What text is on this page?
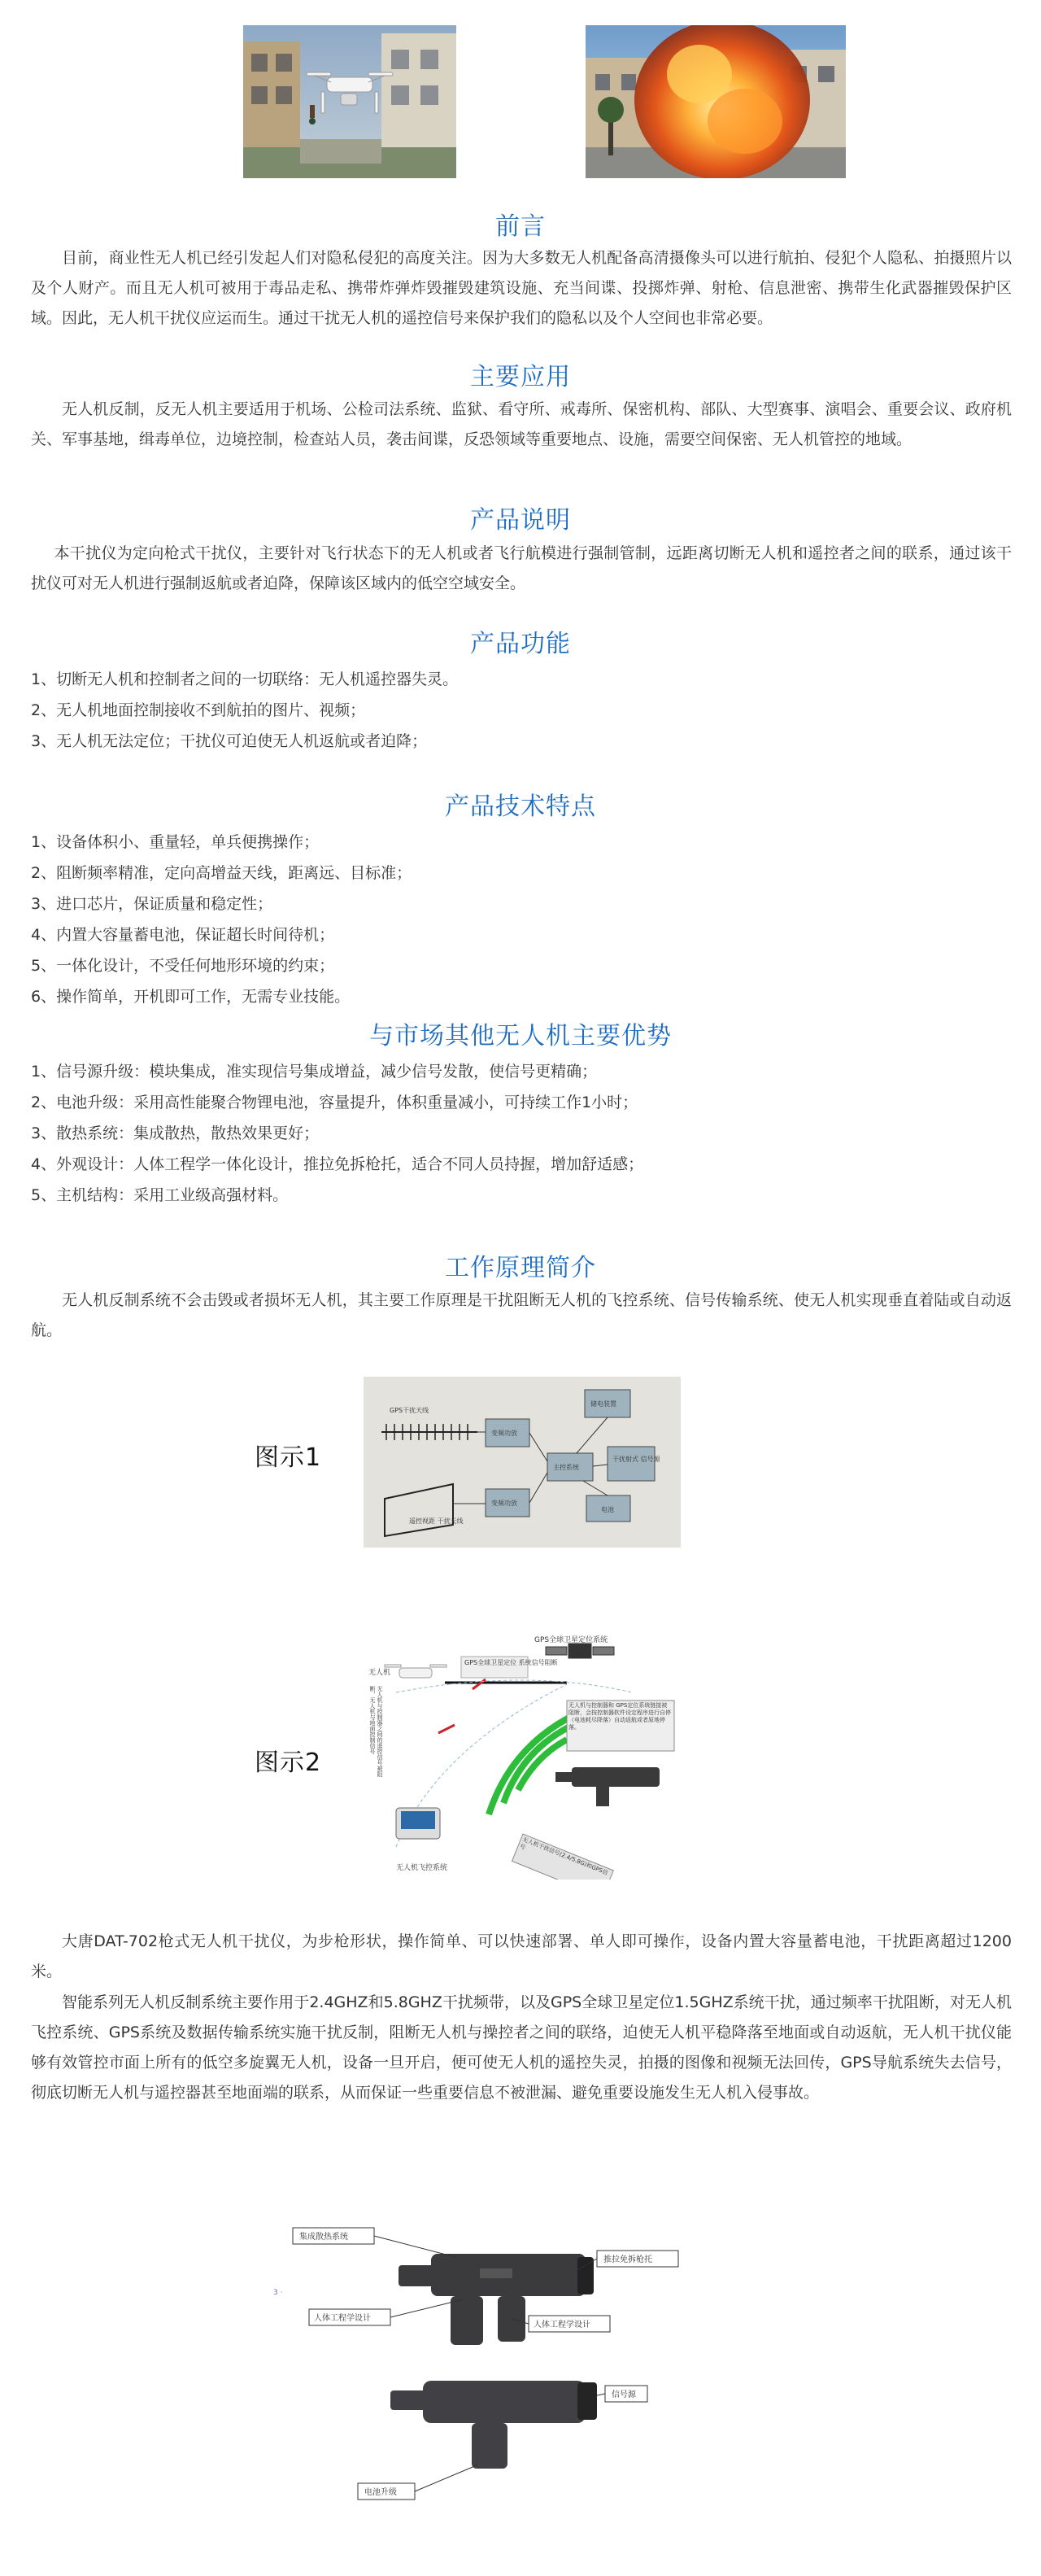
前言

目前，商业性无人机已经引发起人们对隐私侵犯的高度关注。因为大多数无人机配备高清摄像头可以进行航拍、侵犯个人隐私、拍摄照片以及个人财产。而且无人机可被用于毒品走私、携带炸弹炸毁摧毁建筑设施、充当间谍、投掷炸弹、射枪、信息泄密、携带生化武器摧毁保护区域。因此，无人机干扰仪应运而生。通过干扰无人机的遥控信号来保护我们的隐私以及个人空间也非常必要。

主要应用

无人机反制，反无人机主要适用于机场、公检司法系统、监狱、看守所、戒毒所、保密机构、部队、大型赛事、演唱会、重要会议、政府机关、军事基地，缉毒单位，边境控制，检查站人员，袭击间谍，反恐领域等重要地点、设施，需要空间保密、无人机管控的地域。

产品说明

本干扰仪为定向枪式干扰仪，主要针对飞行状态下的无人机或者飞行航模进行强制管制，远距离切断无人机和遥控者之间的联系，通过该干扰仪可对无人机进行强制返航或者迫降，保障该区域内的低空空域安全。

产品功能
1、切断无人机和控制者之间的一切联络：无人机遥控器失灵。
2、无人机地面控制接收不到航拍的图片、视频；
3、无人机无法定位；干扰仪可迫使无人机返航或者迫降；
产品技术特点
1、设备体积小、重量轻，单兵便携操作；
2、阻断频率精准，定向高增益天线，距离远、目标准；
3、进口芯片，保证质量和稳定性；
4、内置大容量蓄电池，保证超长时间待机；
5、一体化设计，不受任何地形环境的约束；
6、操作简单，开机即可工作，无需专业技能。
与市场其他无人机主要优势
1、信号源升级：模块集成，准实现信号集成增益，减少信号发散，使信号更精确；
2、电池升级：采用高性能聚合物锂电池，容量提升，体积重量减小，可持续工作1小时；
3、散热系统：集成散热，散热效果更好；
4、外观设计：人体工程学一体化设计，推拉免拆枪托，适合不同人员持握，增加舒适感；
5、主机结构：采用工业级高强材料。
工作原理简介

无人机反制系统不会击毁或者损坏无人机，其主要工作原理是干扰阻断无人机的飞控系统、信号传输系统、使无人机实现垂直着陆或自动返航。

图示1
GPS干扰天线
遥控视距 干扰天线
变频功放
变频功放
主控系统
储电装置
干扰射式 信号源
电池
图示2
无人机
GPS全球卫星定位系统
GPS全球卫星定位 系统信号阻断
无人机与控制器和 GPS定位系统链接被阻断，会按控制器软件设定程序进行自停（电池耗尽降落）自动返航或者原地停落。
无人机与控制器之间的遥控信号被阻断，无人机与地面控制信号
无人机飞控系统	无人机干扰信号(2.4/5.8G)和GPS信号

大唐DAT-702枪式无人机干扰仪，为步枪形状，操作简单、可以快速部署、单人即可操作，设备内置大容量蓄电池，干扰距离超过1200米。

智能系列无人机反制系统主要作用于2.4GHZ和5.8GHZ干扰频带，以及GPS全球卫星定位1.5GHZ系统干扰，通过频率干扰阻断，对无人机飞控系统、GPS系统及数据传输系统实施干扰反制，阻断无人机与操控者之间的联络，迫使无人机平稳降落至地面或自动返航，无人机干扰仪能够有效管控市面上所有的低空多旋翼无人机，设备一旦开启，便可使无人机的遥控失灵，拍摄的图像和视频无法回传，GPS导航系统失去信号，彻底切断无人机与遥控器甚至地面端的联系，从而保证一些重要信息不被泄漏、避免重要设施发生无人机入侵事故。

3 ·
集成散热系统
推拉免拆枪托
人体工程学设计
人体工程学设计
信号源
电池升级
